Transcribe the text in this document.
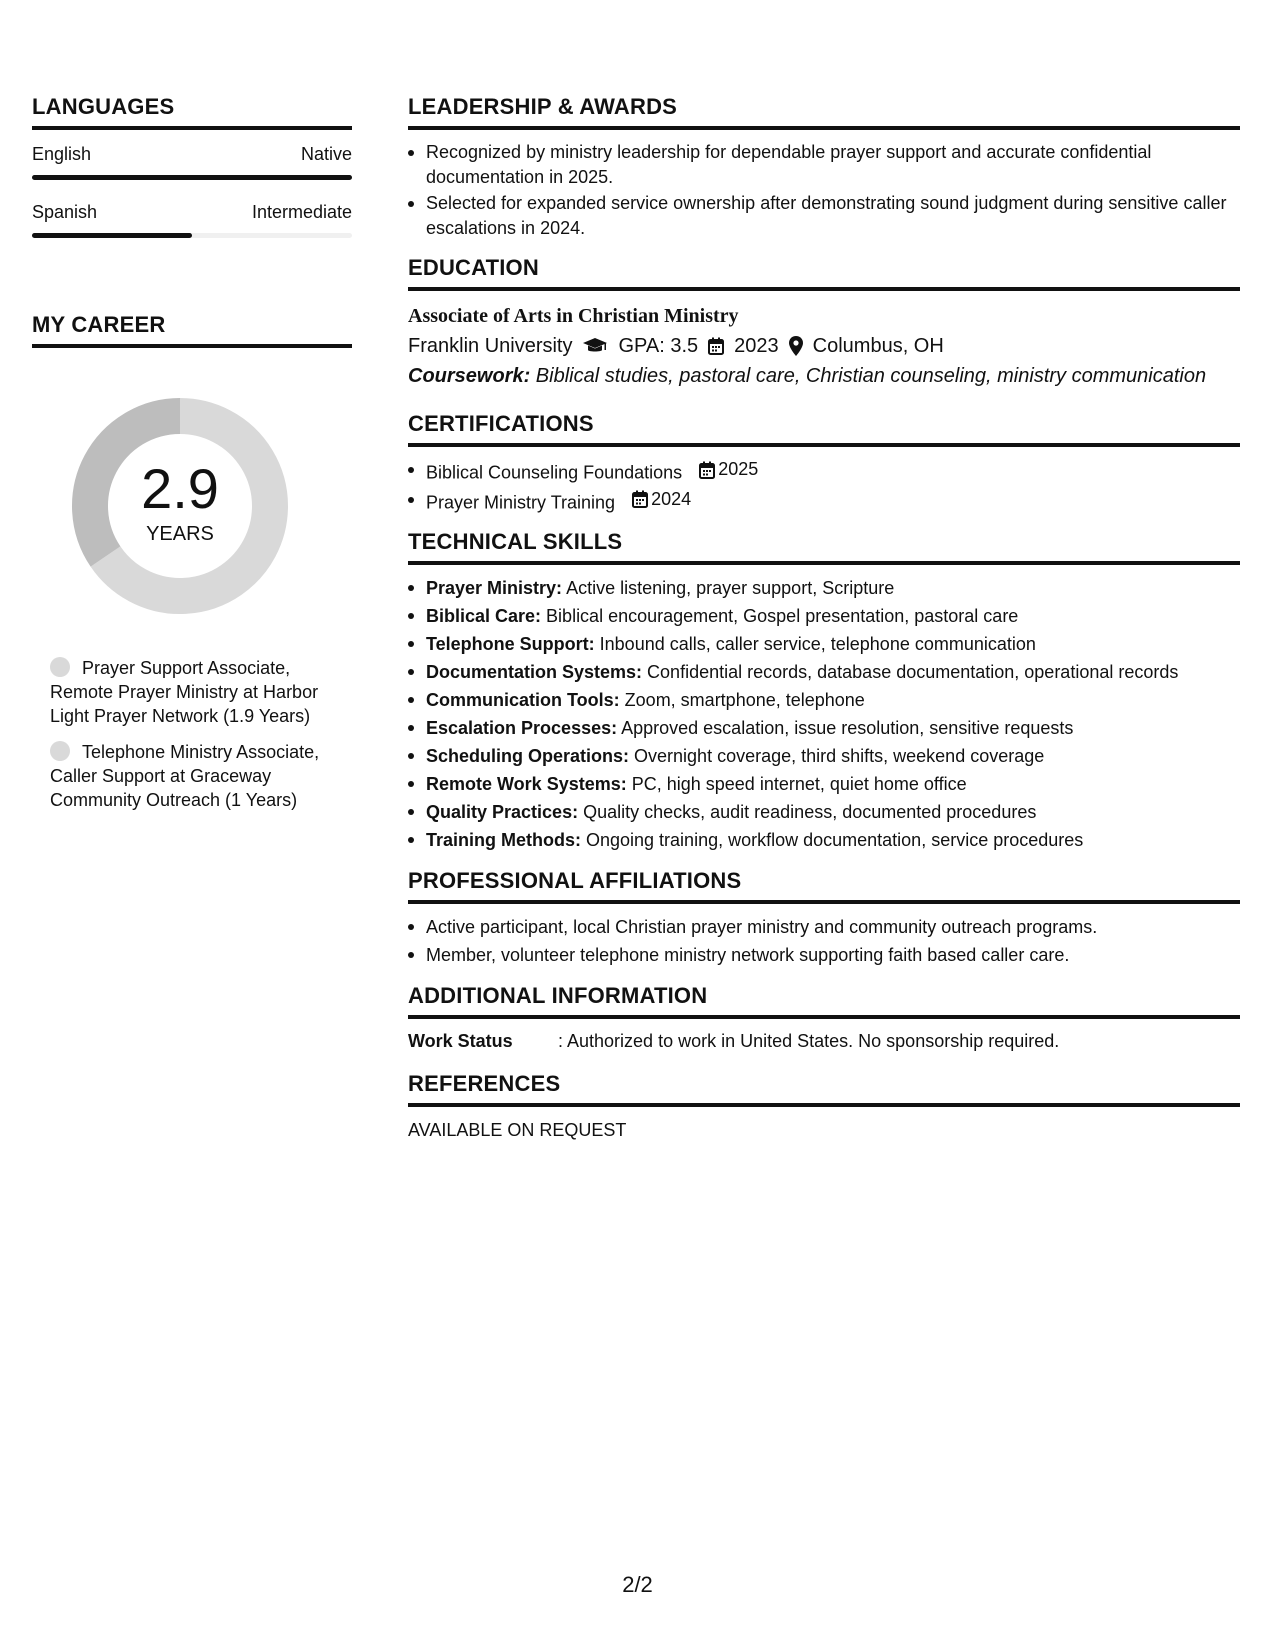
LANGUAGES
English	Native
Spanish	Intermediate
MY CAREER
2.9
YEARS
Prayer Support Associate, Remote Prayer Ministry at Harbor Light Prayer Network (1.9 Years)
Telephone Ministry Associate, Caller Support at Graceway Community Outreach (1 Years)
LEADERSHIP & AWARDS
Recognized by ministry leadership for dependable prayer support and accurate confidential documentation in 2025.
Selected for expanded service ownership after demonstrating sound judgment during sensitive caller escalations in 2024.
EDUCATION
Associate of Arts in Christian Ministry
Franklin University GPA: 3.5 2023 Columbus, OH
Coursework: Biblical studies, pastoral care, Christian counseling, ministry communication
CERTIFICATIONS
Biblical Counseling Foundations 2025
Prayer Ministry Training 2024
TECHNICAL SKILLS
Prayer Ministry: Active listening, prayer support, Scripture
Biblical Care: Biblical encouragement, Gospel presentation, pastoral care
Telephone Support: Inbound calls, caller service, telephone communication
Documentation Systems: Confidential records, database documentation, operational records
Communication Tools: Zoom, smartphone, telephone
Escalation Processes: Approved escalation, issue resolution, sensitive requests
Scheduling Operations: Overnight coverage, third shifts, weekend coverage
Remote Work Systems: PC, high speed internet, quiet home office
Quality Practices: Quality checks, audit readiness, documented procedures
Training Methods: Ongoing training, workflow documentation, service procedures
PROFESSIONAL AFFILIATIONS
Active participant, local Christian prayer ministry and community outreach programs.
Member, volunteer telephone ministry network supporting faith based caller care.
ADDITIONAL INFORMATION
Work Status	: Authorized to work in United States. No sponsorship required.
REFERENCES
AVAILABLE ON REQUEST
2/2
